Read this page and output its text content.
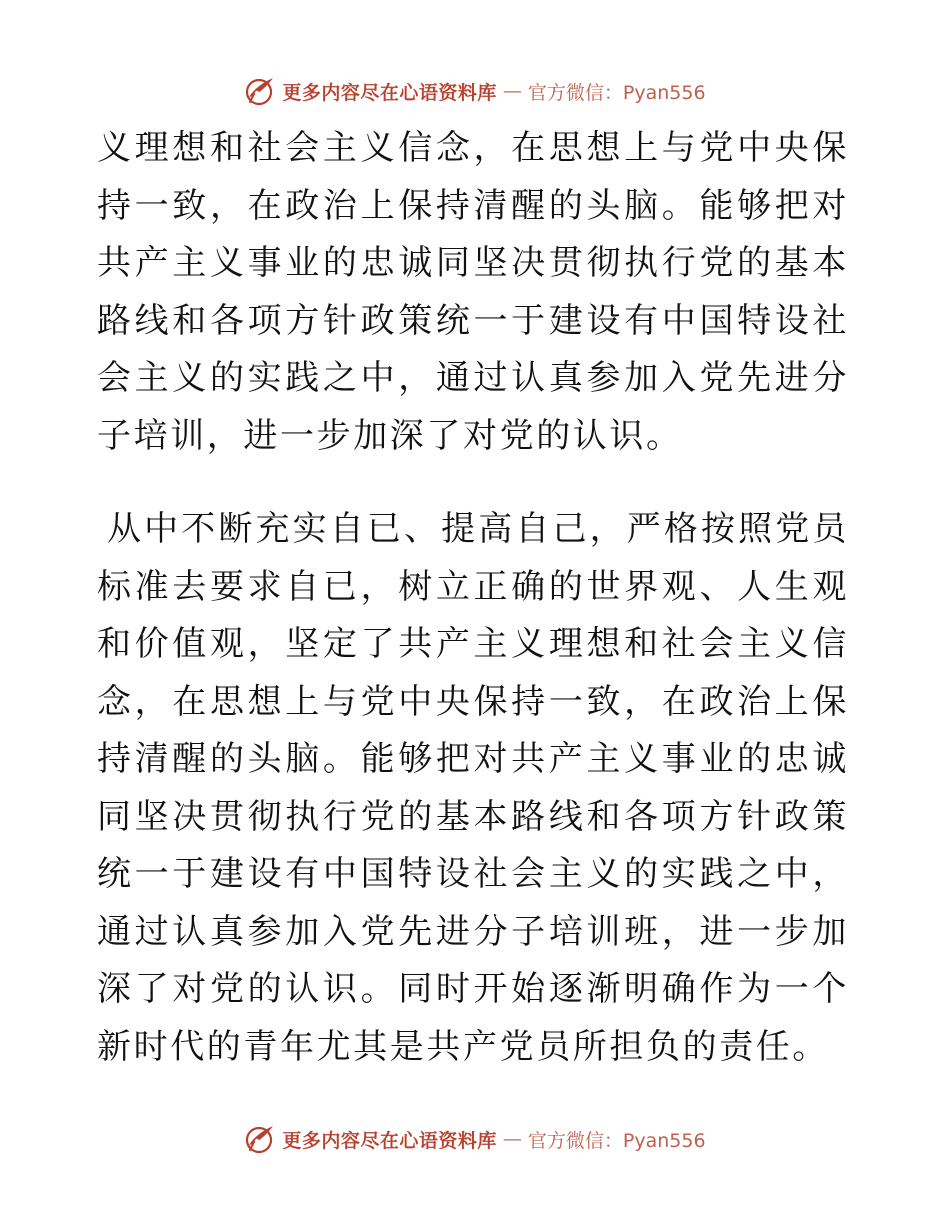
更多内容尽在心语资料库 — 官方微信：Pyan556

义理想和社会主义信念，在思想上与党中央保持一致，在政治上保持清醒的头脑。能够把对共产主义事业的忠诚同坚决贯彻执行党的基本路线和各项方针政策统一于建设有中国特设社会主义的实践之中，通过认真参加入党先进分子培训，进一步加深了对党的认识。

从中不断充实自已、提高自己，严格按照党员标准去要求自已，树立正确的世界观、人生观和价值观，坚定了共产主义理想和社会主义信念，在思想上与党中央保持一致，在政治上保持清醒的头脑。能够把对共产主义事业的忠诚同坚决贯彻执行党的基本路线和各项方针政策统一于建设有中国特设社会主义的实践之中，通过认真参加入党先进分子培训班，进一步加深了对党的认识。同时开始逐渐明确作为一个新时代的青年尤其是共产党员所担负的责任。

更多内容尽在心语资料库 — 官方微信：Pyan556
